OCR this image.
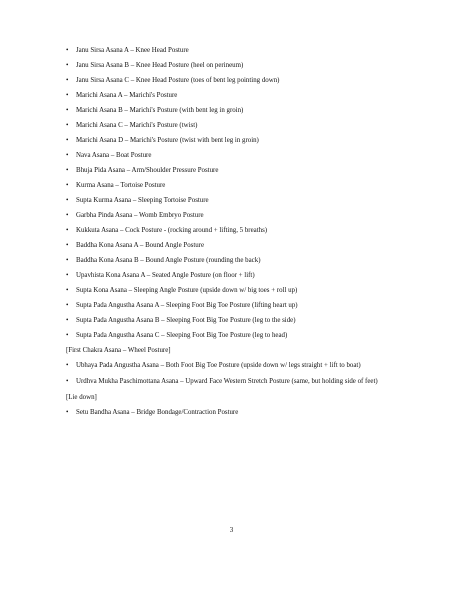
• Janu Sirsa Asana A – Knee Head Posture
• Janu Sirsa Asana B – Knee Head Posture (heel on perineum)
• Janu Sirsa Asana C – Knee Head Posture (toes of bent leg pointing down)
• Marichi Asana A – Marichi's Posture
• Marichi Asana B – Marichi's Posture (with bent leg in groin)
• Marichi Asana C – Marichi's Posture (twist)
• Marichi Asana D – Marichi's Posture (twist with bent leg in groin)
• Nava Asana – Boat Posture
• Bhuja Pida Asana – Arm/Shoulder Pressure Posture
• Kurma Asana – Tortoise Posture
• Supta Kurma Asana – Sleeping Tortoise Posture
• Garbha Pinda Asana – Womb Embryo Posture
• Kukkuta Asana – Cock Posture - (rocking around + lifting, 5 breaths)
• Baddha Kona Asana A – Bound Angle Posture
• Baddha Kona Asana B – Bound Angle Posture (rounding the back)
• Upavhista Kona Asana A – Seated Angle Posture (on floor + lift)
• Supta Kona Asana – Sleeping Angle Posture (upside down w/ big toes + roll up)
• Supta Pada Angustha Asana A – Sleeping Foot Big Toe Posture (lifting heart up)
• Supta Pada Angustha Asana B – Sleeping Foot Big Toe Posture (leg to the side)
• Supta Pada Angustha Asana C – Sleeping Foot Big Toe Posture (leg to head)
[First Chakra Asana – Wheel Posture]
• Ubhaya Pada Angustha Asana – Both Foot Big Toe Posture (upside down w/ legs straight + lift to boat)
• Urdhva Mukha Paschimottana Asana – Upward Face Western Stretch Posture (same, but holding side of feet)
[Lie down]
• Setu Bandha Asana – Bridge Bondage/Contraction Posture
3
